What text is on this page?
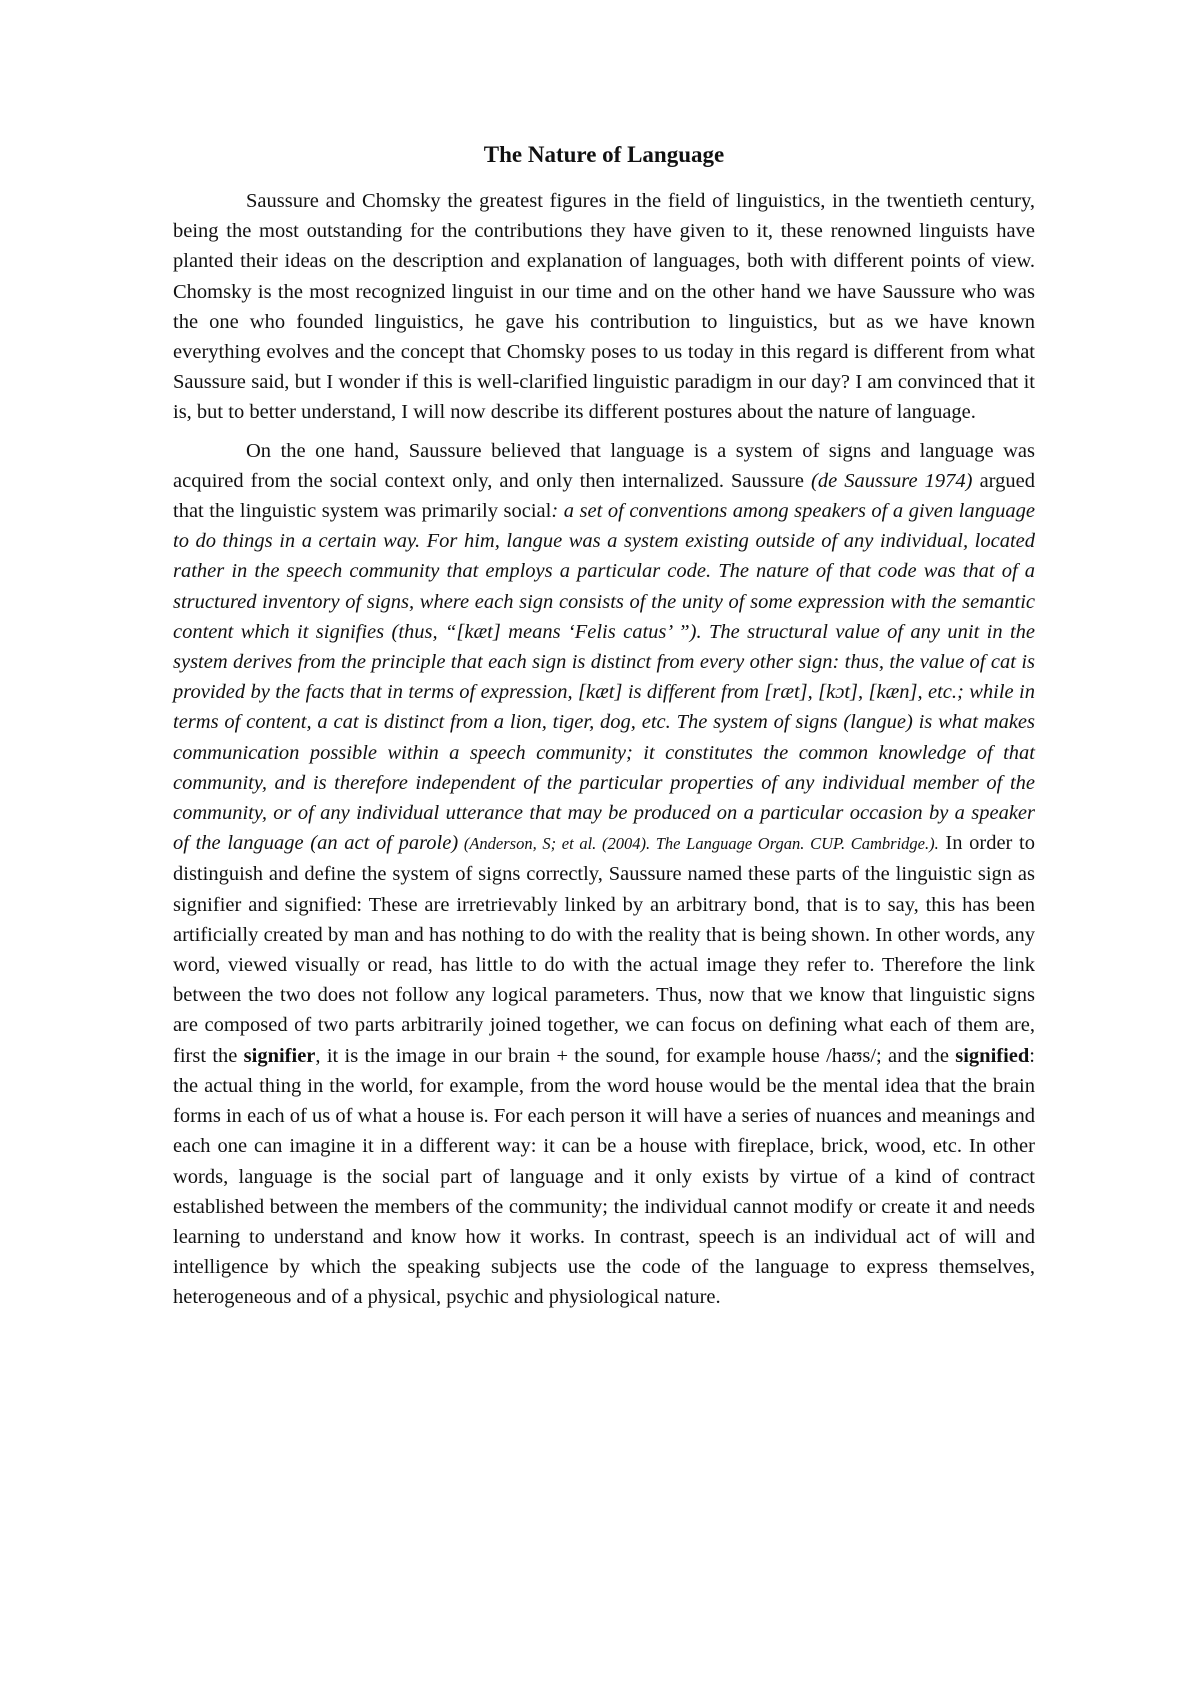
The Nature of Language

Saussure and Chomsky the greatest figures in the field of linguistics, in the twentieth century, being the most outstanding for the contributions they have given to it, these renowned linguists have planted their ideas on the description and explanation of languages, both with different points of view. Chomsky is the most recognized linguist in our time and on the other hand we have Saussure who was the one who founded linguistics, he gave his contribution to linguistics, but as we have known everything evolves and the concept that Chomsky poses to us today in this regard is different from what Saussure said, but I wonder if this is well-clarified linguistic paradigm in our day? I am convinced that it is, but to better understand, I will now describe its different postures about the nature of language.

On the one hand, Saussure believed that language is a system of signs and language was acquired from the social context only, and only then internalized. Saussure (de Saussure 1974) argued that the linguistic system was primarily social: a set of conventions among speakers of a given language to do things in a certain way. For him, langue was a system existing outside of any individual, located rather in the speech community that employs a particular code. The nature of that code was that of a structured inventory of signs, where each sign consists of the unity of some expression with the semantic content which it signifies (thus, “[kæt] means ‘Felis catus’ ”). The structural value of any unit in the system derives from the principle that each sign is distinct from every other sign: thus, the value of cat is provided by the facts that in terms of expression, [kæt] is different from [ræt], [kɔt], [kæn], etc.; while in terms of content, a cat is distinct from a lion, tiger, dog, etc. The system of signs (langue) is what makes communication possible within a speech community; it constitutes the common knowledge of that community, and is therefore independent of the particular properties of any individual member of the community, or of any individual utterance that may be produced on a particular occasion by a speaker of the language (an act of parole) (Anderson, S; et al. (2004). The Language Organ. CUP. Cambridge.). In order to distinguish and define the system of signs correctly, Saussure named these parts of the linguistic sign as signifier and signified: These are irretrievably linked by an arbitrary bond, that is to say, this has been artificially created by man and has nothing to do with the reality that is being shown. In other words, any word, viewed visually or read, has little to do with the actual image they refer to. Therefore the link between the two does not follow any logical parameters. Thus, now that we know that linguistic signs are composed of two parts arbitrarily joined together, we can focus on defining what each of them are, first the signifier, it is the image in our brain + the sound, for example house /haʊs/; and the signified: the actual thing in the world, for example, from the word house would be the mental idea that the brain forms in each of us of what a house is. For each person it will have a series of nuances and meanings and each one can imagine it in a different way: it can be a house with fireplace, brick, wood, etc. In other words, language is the social part of language and it only exists by virtue of a kind of contract established between the members of the community; the individual cannot modify or create it and needs learning to understand and know how it works. In contrast, speech is an individual act of will and intelligence by which the speaking subjects use the code of the language to express themselves, heterogeneous and of a physical, psychic and physiological nature.
